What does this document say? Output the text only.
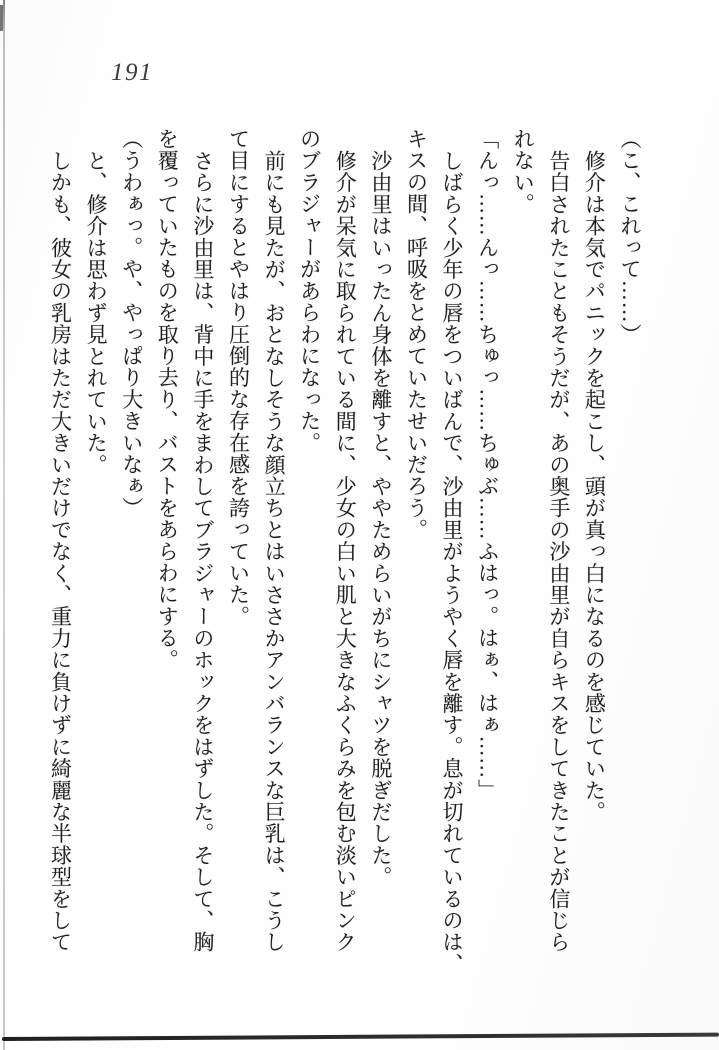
191
（こ、これって……）
修介は本気でパニックを起こし、頭が真っ白になるのを感じていた。
告白されたこともそうだが、あの奥手の沙由里が自らキスをしてきたことが信じら
れない。
「んっ……んっ……ちゅっ……ちゅぶ……ふはっ。はぁ、はぁ……」
しばらく少年の唇をついばんで、沙由里がようやく唇を離す。息が切れているのは、
キスの間、呼吸をとめていたせいだろう。
沙由里はいったん身体を離すと、ややためらいがちにシャツを脱ぎだした。
修介が呆気に取られている間に、少女の白い肌と大きなふくらみを包む淡いピンク
のブラジャーがあらわになった。
前にも見たが、おとなしそうな顔立ちとはいささかアンバランスな巨乳は、こうし
て目にするとやはり圧倒的な存在感を誇っていた。
さらに沙由里は、背中に手をまわしてブラジャーのホックをはずした。そして、胸
を覆っていたものを取り去り、バストをあらわにする。
（うわぁっ。や、やっぱり大きいなぁ）
と、修介は思わず見とれていた。
しかも、彼女の乳房はただ大きいだけでなく、重力に負けずに綺麗な半球型をして
